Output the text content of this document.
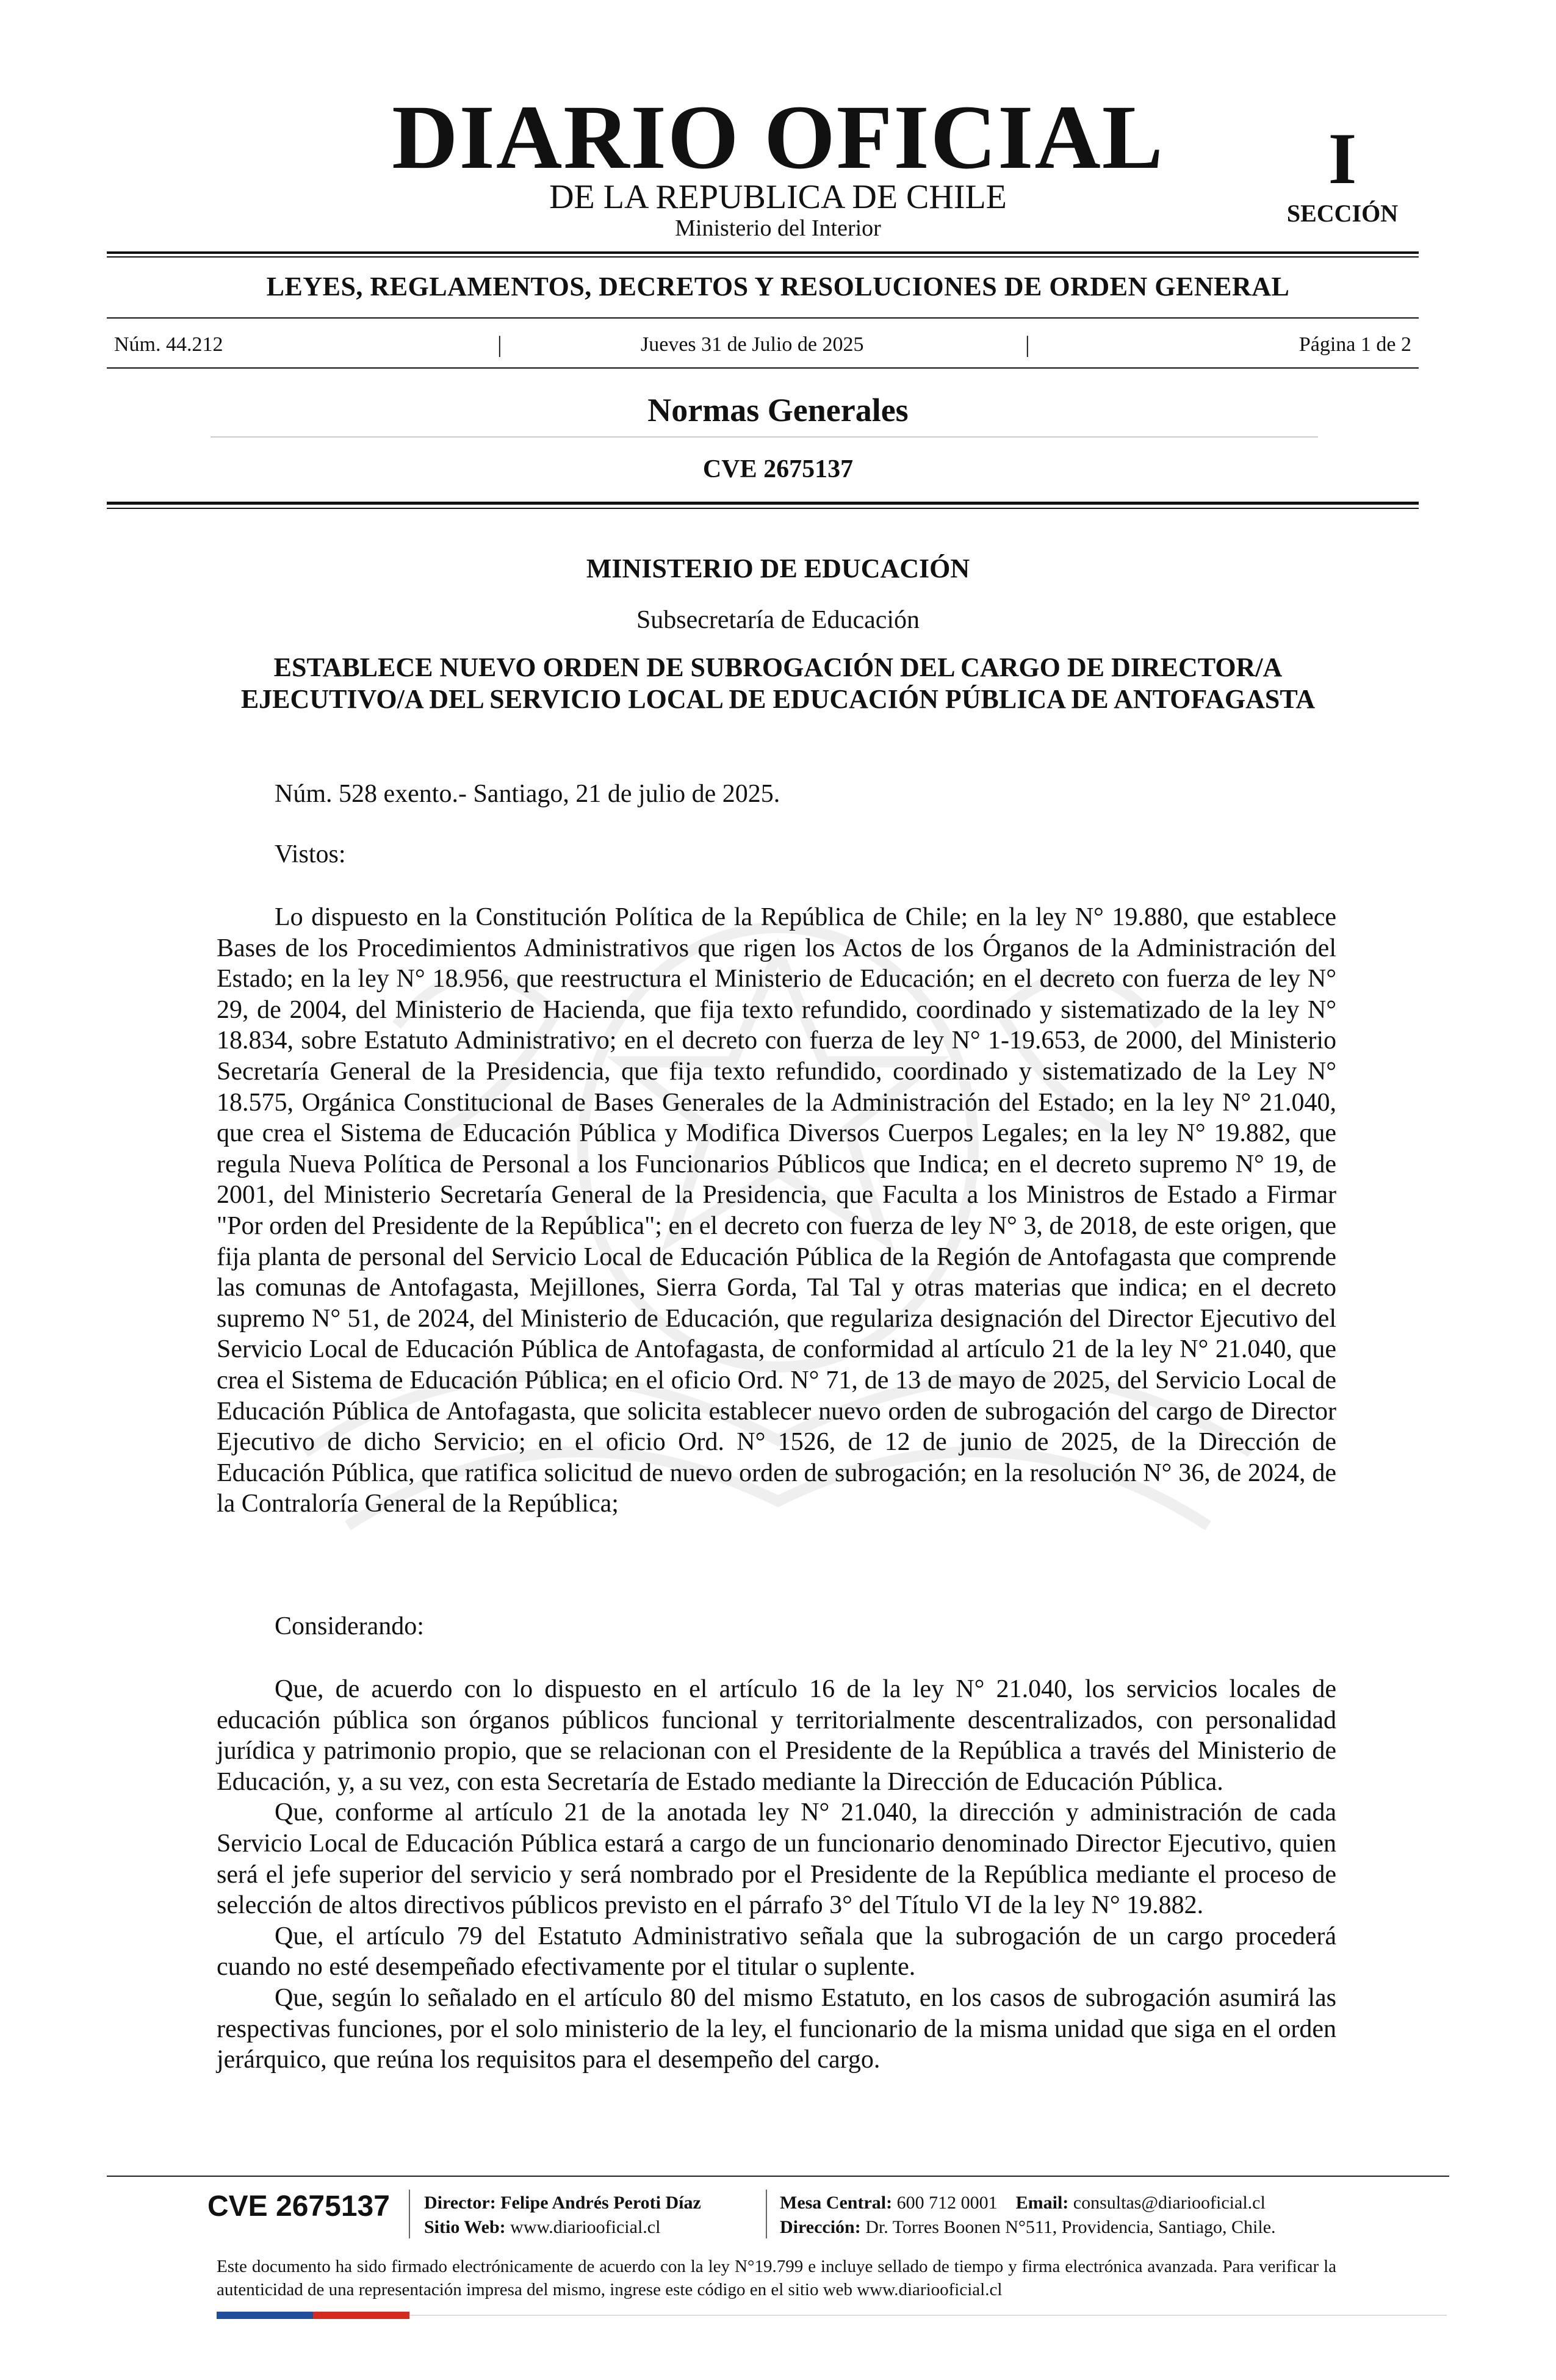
DIARIO OFICIAL
DE LA REPUBLICA DE CHILE
Ministerio del Interior
I
SECCIÓN
LEYES, REGLAMENTOS, DECRETOS Y RESOLUCIONES DE ORDEN GENERAL
Núm. 44.212	|	Jueves 31 de Julio de 2025	|	Página 1 de 2
Normas Generales
CVE 2675137
MINISTERIO DE EDUCACIÓN
Subsecretaría de Educación
ESTABLECE NUEVO ORDEN DE SUBROGACIÓN DEL CARGO DE DIRECTOR/A EJECUTIVO/A DEL SERVICIO LOCAL DE EDUCACIÓN PÚBLICA DE ANTOFAGASTA
Núm. 528 exento.- Santiago, 21 de julio de 2025.
Vistos:

Lo dispuesto en la Constitución Política de la República de Chile; en la ley N° 19.880, que establece Bases de los Procedimientos Administrativos que rigen los Actos de los Órganos de la Administración del Estado; en la ley N° 18.956, que reestructura el Ministerio de Educación; en el decreto con fuerza de ley N° 29, de 2004, del Ministerio de Hacienda, que fija texto refundido, coordinado y sistematizado de la ley N° 18.834, sobre Estatuto Administrativo; en el decreto con fuerza de ley N° 1-19.653, de 2000, del Ministerio Secretaría General de la Presidencia, que fija texto refundido, coordinado y sistematizado de la Ley N° 18.575, Orgánica Constitucional de Bases Generales de la Administración del Estado; en la ley N° 21.040, que crea el Sistema de Educación Pública y Modifica Diversos Cuerpos Legales; en la ley N° 19.882, que regula Nueva Política de Personal a los Funcionarios Públicos que Indica; en el decreto supremo N° 19, de 2001, del Ministerio Secretaría General de la Presidencia, que Faculta a los Ministros de Estado a Firmar "Por orden del Presidente de la República"; en el decreto con fuerza de ley N° 3, de 2018, de este origen, que fija planta de personal del Servicio Local de Educación Pública de la Región de Antofagasta que comprende las comunas de Antofagasta, Mejillones, Sierra Gorda, Tal Tal y otras materias que indica; en el decreto supremo N° 51, de 2024, del Ministerio de Educación, que regulariza designación del Director Ejecutivo del Servicio Local de Educación Pública de Antofagasta, de conformidad al artículo 21 de la ley N° 21.040, que crea el Sistema de Educación Pública; en el oficio Ord. N° 71, de 13 de mayo de 2025, del Servicio Local de Educación Pública de Antofagasta, que solicita establecer nuevo orden de subrogación del cargo de Director Ejecutivo de dicho Servicio; en el oficio Ord. N° 1526, de 12 de junio de 2025, de la Dirección de Educación Pública, que ratifica solicitud de nuevo orden de subrogación; en la resolución N° 36, de 2024, de la Contraloría General de la República;

Considerando:

Que, de acuerdo con lo dispuesto en el artículo 16 de la ley N° 21.040, los servicios locales de educación pública son órganos públicos funcional y territorialmente descentralizados, con personalidad jurídica y patrimonio propio, que se relacionan con el Presidente de la República a través del Ministerio de Educación, y, a su vez, con esta Secretaría de Estado mediante la Dirección de Educación Pública.

Que, conforme al artículo 21 de la anotada ley N° 21.040, la dirección y administración de cada Servicio Local de Educación Pública estará a cargo de un funcionario denominado Director Ejecutivo, quien será el jefe superior del servicio y será nombrado por el Presidente de la República mediante el proceso de selección de altos directivos públicos previsto en el párrafo 3° del Título VI de la ley N° 19.882.

Que, el artículo 79 del Estatuto Administrativo señala que la subrogación de un cargo procederá cuando no esté desempeñado efectivamente por el titular o suplente.

Que, según lo señalado en el artículo 80 del mismo Estatuto, en los casos de subrogación asumirá las respectivas funciones, por el solo ministerio de la ley, el funcionario de la misma unidad que siga en el orden jerárquico, que reúna los requisitos para el desempeño del cargo.

CVE 2675137 Director: Felipe Andrés Peroti Díaz
Sitio Web: www.diariooficial.cl
Mesa Central: 600 712 0001 Email: consultas@diariooficial.cl
Dirección: Dr. Torres Boonen N°511, Providencia, Santiago, Chile.
Este documento ha sido firmado electrónicamente de acuerdo con la ley N°19.799 e incluye sellado de tiempo y firma electrónica avanzada. Para verificar la autenticidad de una representación impresa del mismo, ingrese este código en el sitio web www.diariooficial.cl
